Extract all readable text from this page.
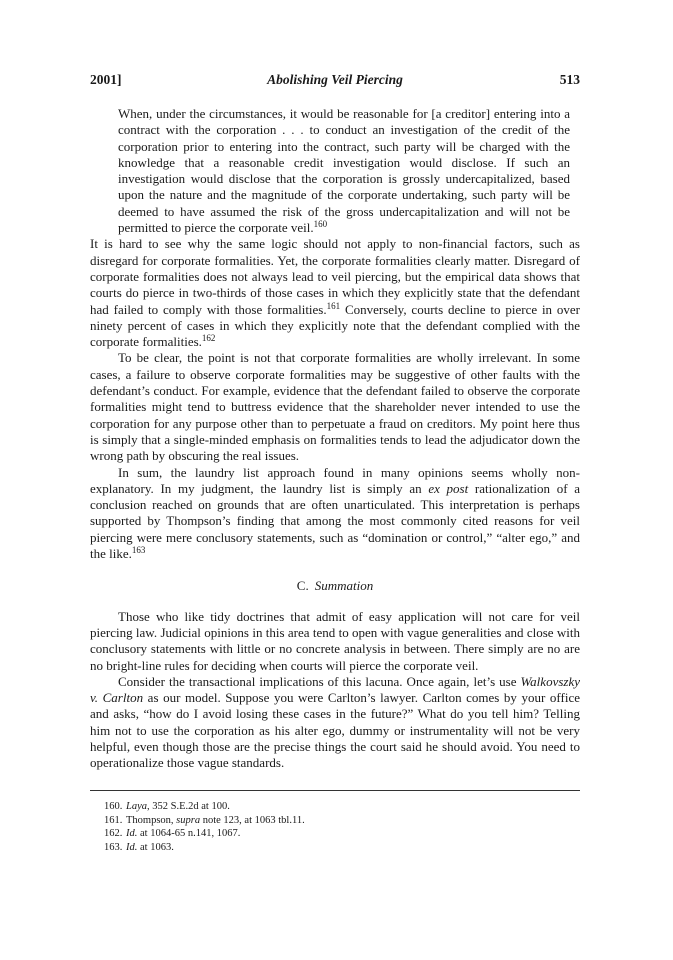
2001]	Abolishing Veil Piercing	513

When, under the circumstances, it would be reasonable for [a creditor] entering into a contract with the corporation . . . to conduct an investigation of the credit of the corporation prior to entering into the contract, such party will be charged with the knowledge that a reasonable credit investigation would disclose. If such an investigation would disclose that the corporation is grossly undercapitalized, based upon the nature and the magnitude of the corporate undertaking, such party will be deemed to have assumed the risk of the gross undercapitalization and will not be permitted to pierce the corporate veil.$^{160}$

It is hard to see why the same logic should not apply to non-financial factors, such as disregard for corporate formalities. Yet, the corporate formalities clearly matter. Disregard of corporate formalities does not always lead to veil piercing, but the empirical data shows that courts do pierce in two-thirds of those cases in which they explicitly state that the defendant had failed to comply with those formalities.$^{161}$ Conversely, courts decline to pierce in over ninety percent of cases in which they explicitly note that the defendant complied with the corporate formalities.$^{162}$

To be clear, the point is not that corporate formalities are wholly irrelevant. In some cases, a failure to observe corporate formalities may be suggestive of other faults with the defendant’s conduct. For example, evidence that the defendant failed to observe the corporate formalities might tend to buttress evidence that the shareholder never intended to use the corporation for any purpose other than to perpetuate a fraud on creditors. My point here thus is simply that a single-minded emphasis on formalities tends to lead the adjudicator down the wrong path by obscuring the real issues.

In sum, the laundry list approach found in many opinions seems wholly non-explanatory. In my judgment, the laundry list is simply an ex post rationalization of a conclusion reached on grounds that are often unarticulated. This interpretation is perhaps supported by Thompson’s finding that among the most commonly cited reasons for veil piercing were mere conclusory statements, such as “domination or control,” “alter ego,” and the like.$^{163}$

C. Summation

Those who like tidy doctrines that admit of easy application will not care for veil piercing law. Judicial opinions in this area tend to open with vague generalities and close with conclusory statements with little or no concrete analysis in between. There simply are no are no bright-line rules for deciding when courts will pierce the corporate veil.

Consider the transactional implications of this lacuna. Once again, let’s use Walkovszky v. Carlton as our model. Suppose you were Carlton’s lawyer. Carlton comes by your office and asks, “how do I avoid losing these cases in the future?” What do you tell him? Telling him not to use the corporation as his alter ego, dummy or instrumentality will not be very helpful, even though those are the precise things the court said he should avoid. You need to operationalize those vague standards.

160. Laya, 352 S.E.2d at 100.
161. Thompson, supra note 123, at 1063 tbl.11.
162. Id. at 1064-65 n.141, 1067.
163. Id. at 1063.
